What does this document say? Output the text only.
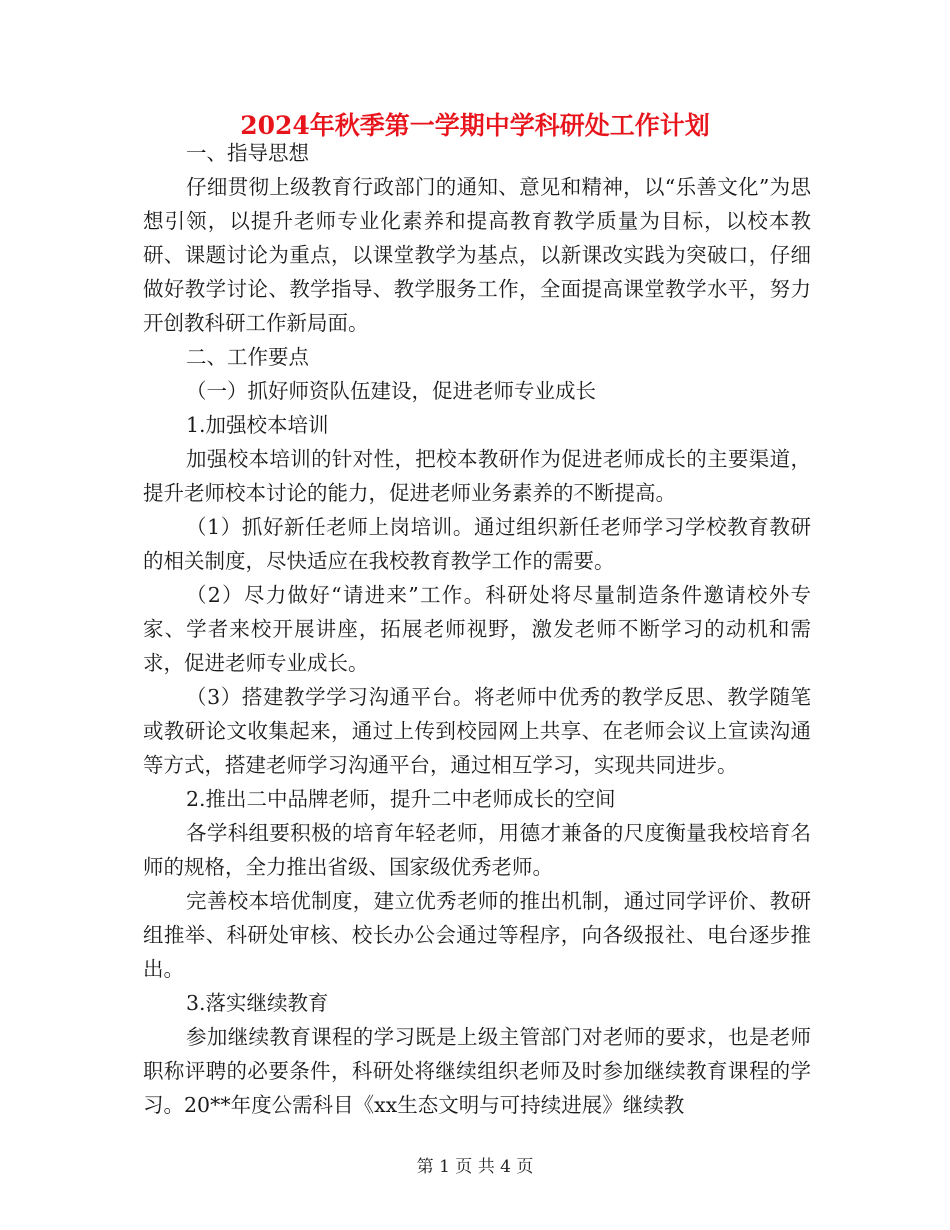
2024年秋季第一学期中学科研处工作计划

一、指导思想

仔细贯彻上级教育行政部门的通知、意见和精神，以“乐善文化”为思想引领，以提升老师专业化素养和提高教育教学质量为目标，以校本教研、课题讨论为重点，以课堂教学为基点，以新课改实践为突破口，仔细做好教学讨论、教学指导、教学服务工作，全面提高课堂教学水平，努力开创教科研工作新局面。

二、工作要点

（一）抓好师资队伍建设，促进老师专业成长

1.加强校本培训

加强校本培训的针对性，把校本教研作为促进老师成长的主要渠道，提升老师校本讨论的能力，促进老师业务素养的不断提高。

（1）抓好新任老师上岗培训。通过组织新任老师学习学校教育教研的相关制度，尽快适应在我校教育教学工作的需要。

（2）尽力做好“请进来”工作。科研处将尽量制造条件邀请校外专家、学者来校开展讲座，拓展老师视野，激发老师不断学习的动机和需求，促进老师专业成长。

（3）搭建教学学习沟通平台。将老师中优秀的教学反思、教学随笔或教研论文收集起来，通过上传到校园网上共享、在老师会议上宣读沟通等方式，搭建老师学习沟通平台，通过相互学习，实现共同进步。

2.推出二中品牌老师，提升二中老师成长的空间

各学科组要积极的培育年轻老师，用德才兼备的尺度衡量我校培育名师的规格，全力推出省级、国家级优秀老师。

完善校本培优制度，建立优秀老师的推出机制，通过同学评价、教研组推举、科研处审核、校长办公会通过等程序，向各级报社、电台逐步推出。

3.落实继续教育

参加继续教育课程的学习既是上级主管部门对老师的要求，也是老师职称评聘的必要条件，科研处将继续组织老师及时参加继续教育课程的学习。20**年度公需科目《xx生态文明与可持续进展》继续教

第 1 页 共 4 页
